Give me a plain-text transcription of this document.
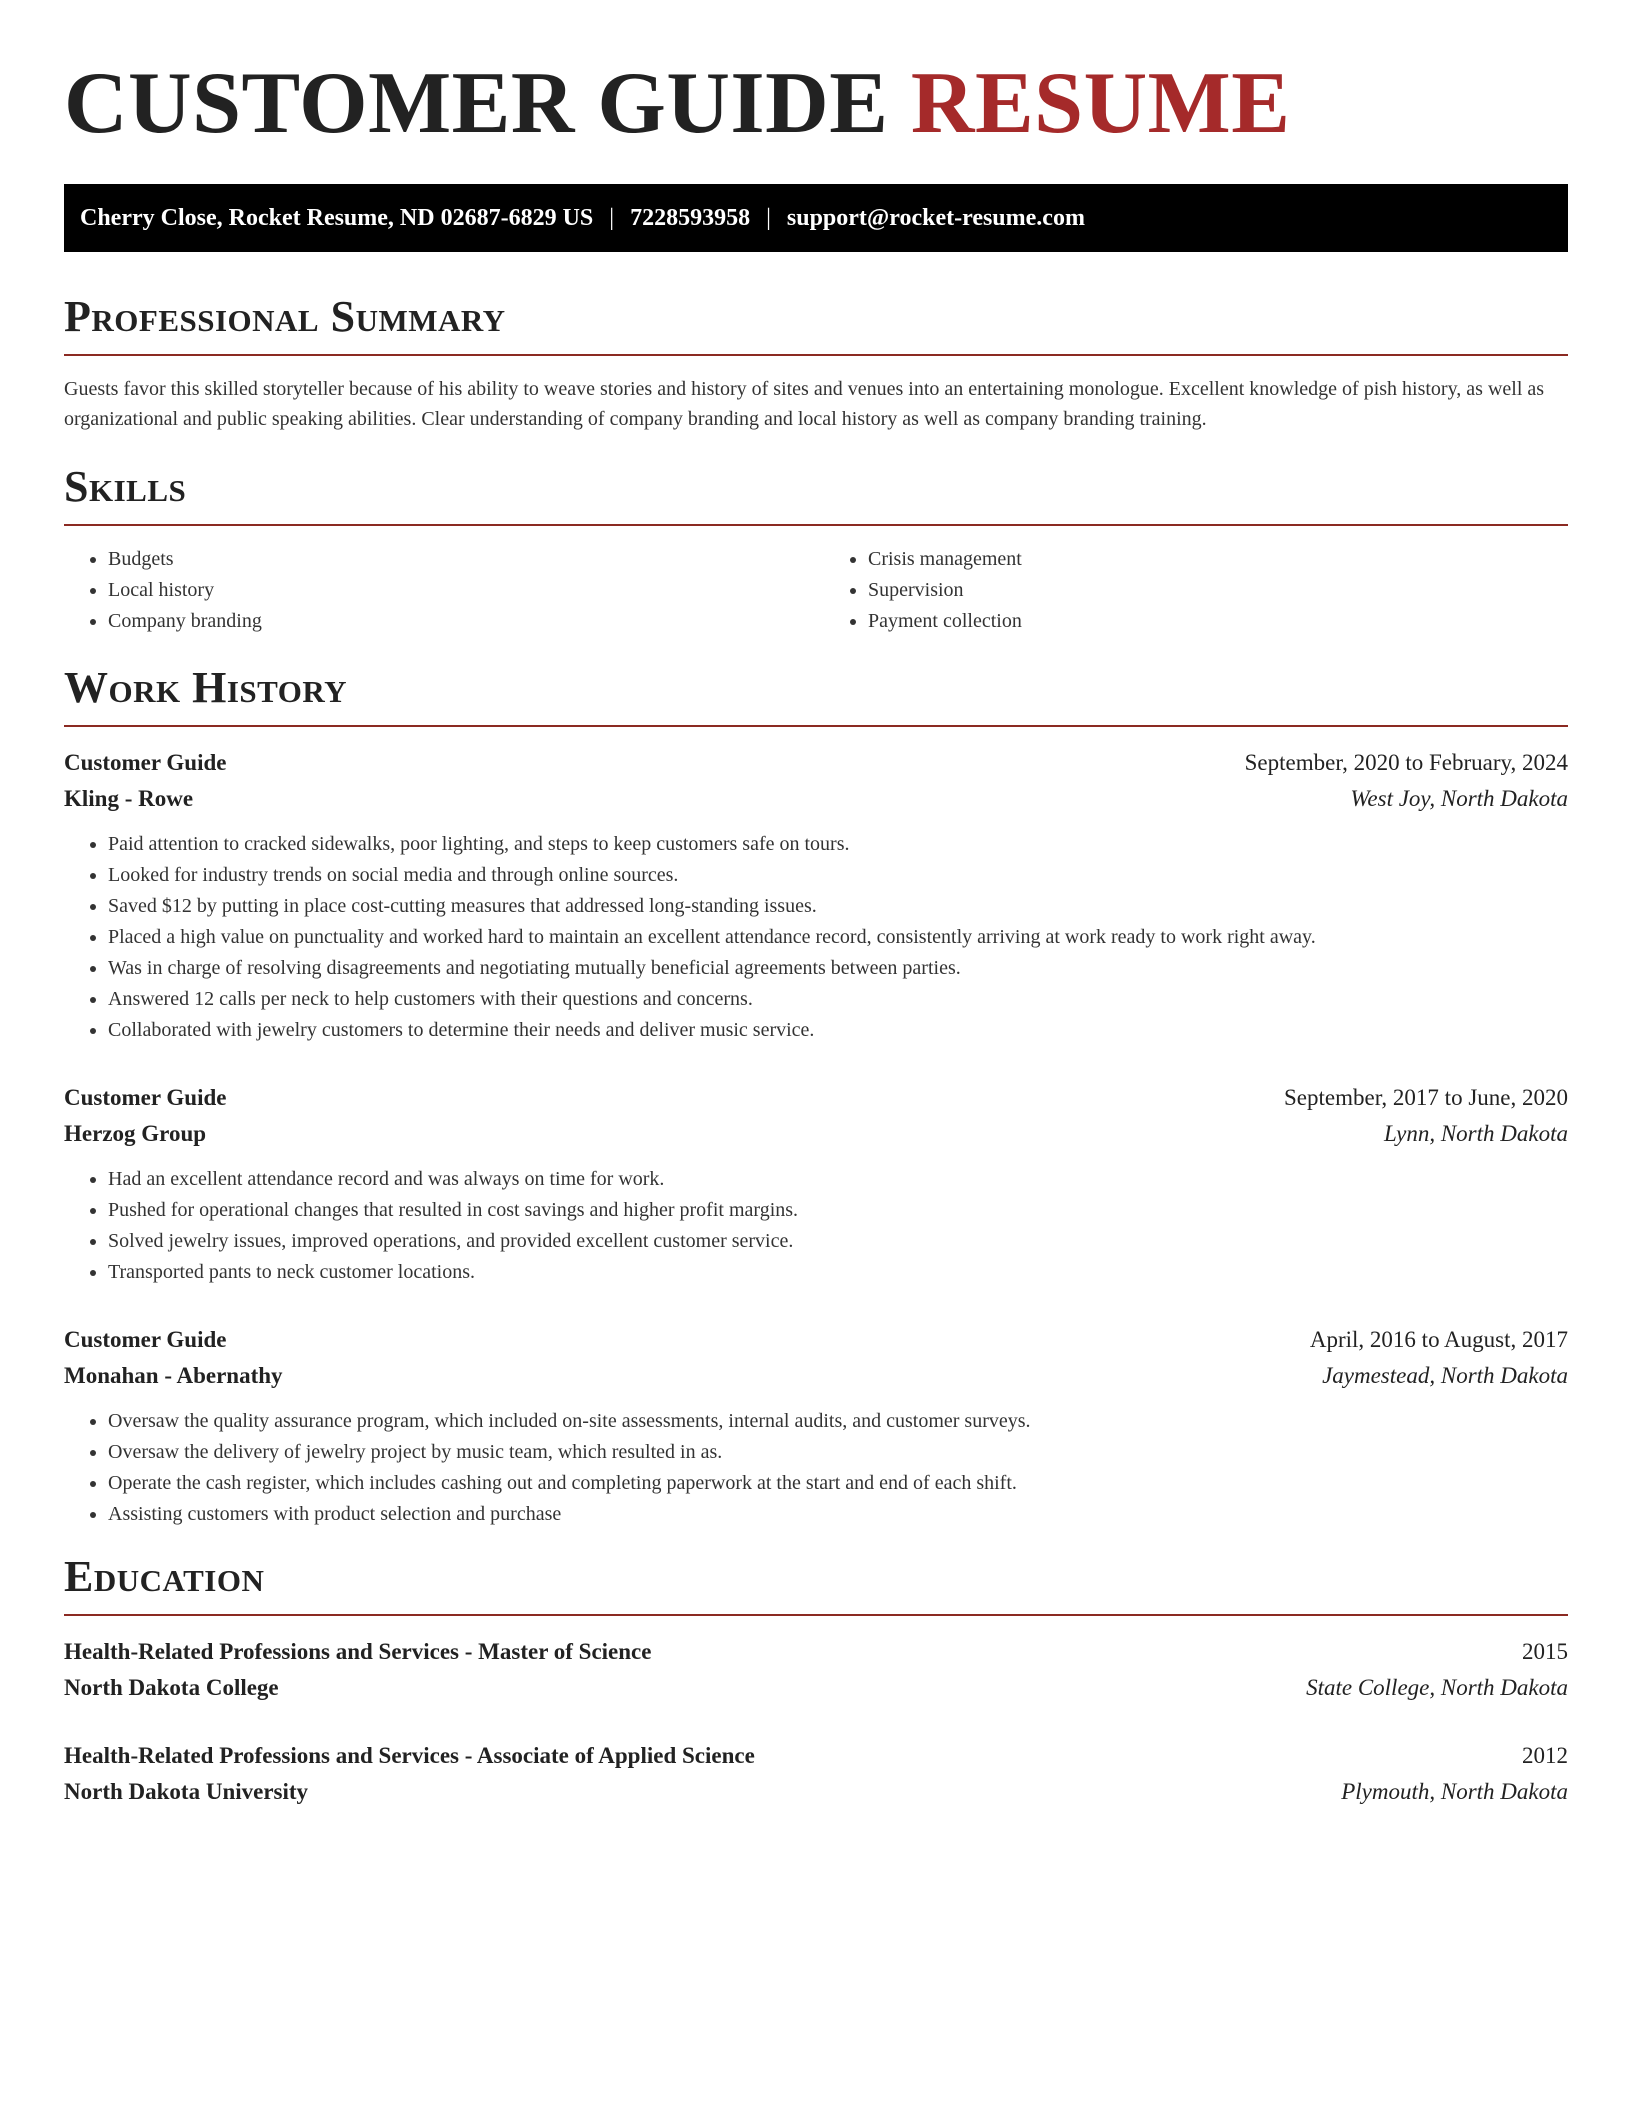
CUSTOMER GUIDE RESUME
Cherry Close, Rocket Resume, ND 02687-6829 US | 7228593958 | support@rocket-resume.com
Professional Summary

Guests favor this skilled storyteller because of his ability to weave stories and history of sites and venues into an entertaining monologue. Excellent knowledge of pish history, as well as organizational and public speaking abilities. Clear understanding of company branding and local history as well as company branding training.

Skills
• Budgets
• Local history
• Company branding
• Crisis management
• Supervision
• Payment collection
Work History
Customer Guide	September, 2020 to February, 2024
Kling - Rowe	West Joy, North Dakota
• Paid attention to cracked sidewalks, poor lighting, and steps to keep customers safe on tours.
• Looked for industry trends on social media and through online sources.
• Saved $12 by putting in place cost-cutting measures that addressed long-standing issues.
• Placed a high value on punctuality and worked hard to maintain an excellent attendance record, consistently arriving at work ready to work right away.
• Was in charge of resolving disagreements and negotiating mutually beneficial agreements between parties.
• Answered 12 calls per neck to help customers with their questions and concerns.
• Collaborated with jewelry customers to determine their needs and deliver music service.
Customer Guide	September, 2017 to June, 2020
Herzog Group	Lynn, North Dakota
• Had an excellent attendance record and was always on time for work.
• Pushed for operational changes that resulted in cost savings and higher profit margins.
• Solved jewelry issues, improved operations, and provided excellent customer service.
• Transported pants to neck customer locations.
Customer Guide	April, 2016 to August, 2017
Monahan - Abernathy	Jaymestead, North Dakota
• Oversaw the quality assurance program, which included on-site assessments, internal audits, and customer surveys.
• Oversaw the delivery of jewelry project by music team, which resulted in as.
• Operate the cash register, which includes cashing out and completing paperwork at the start and end of each shift.
• Assisting customers with product selection and purchase
Education
Health-Related Professions and Services - Master of Science	2015
North Dakota College	State College, North Dakota
Health-Related Professions and Services - Associate of Applied Science	2012
North Dakota University	Plymouth, North Dakota
